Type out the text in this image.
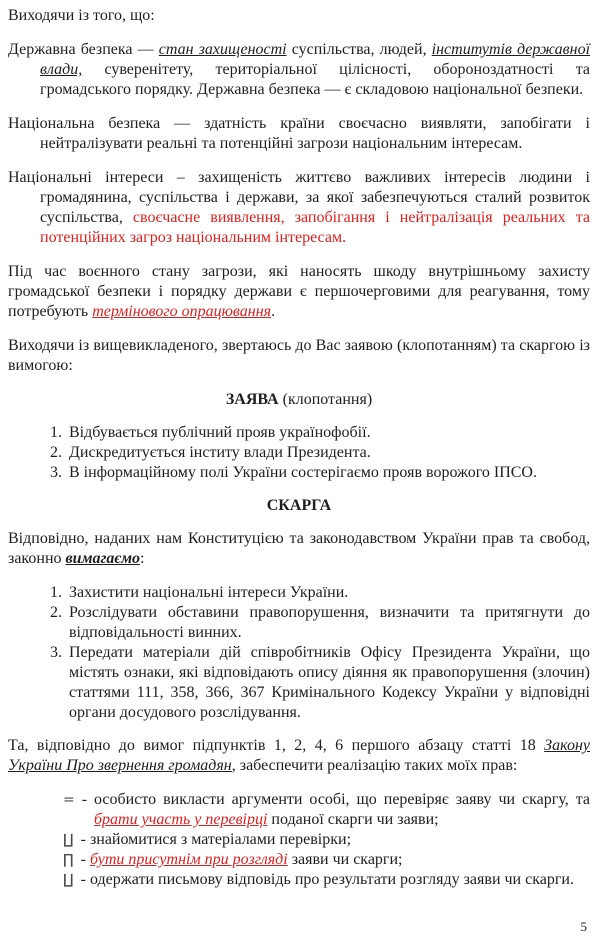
Виходячи із того, що:

Державна безпека — стан захищеності суспільства, людей, інститутів державної влади, суверенітету, територіальної цілісності, обороноздатності та громадського порядку. Державна безпека — є складовою національної безпеки.

Національна безпека — здатність країни своєчасно виявляти, запобігати і нейтралізувати реальні та потенційні загрози національним інтересам.

Національні інтереси – захищеність життєво важливих інтересів людини і громадянина, суспільства і держави, за якої забезпечуються сталий розвиток суспільства, своєчасне виявлення, запобігання і нейтралізація реальних та потенційних загроз національним інтересам.

Під час воєнного стану загрози, які наносять шкоду внутрішньому захисту громадської безпеки і порядку держави є першочерговими для реагування, тому потребують термінового опрацювання.

Виходячи із вищевикладеного, звертаюсь до Вас заявою (клопотанням) та скаргою із вимогою:

ЗАЯВА (клопотання)

1. Відбувається публічний прояв українофобії.
2. Дискредитується інститу влади Президента.
3. В інформаційному полі України состерігаємо прояв ворожого ІПСО.

СКАРГА

Відповідно, наданих нам Конституцією та законодавством України прав та свобод, законно вимагаємо:

1. Захистити національні інтереси України.
2. Розслідувати обставини правопорушення, визначити та притягнути до відповідальності винних.
3. Передати матеріали дій співробітників Офісу Президента України, що містять ознаки, які відповідають опису діяння як правопорушення (злочин) статтями 111, 358, 366, 367 Кримінального Кодексу України у відповідні органи досудового розслідування.

Та, відповідно до вимог підпунктів 1, 2, 4, 6 першого абзацу статті 18 Закону України Про звернення громадян, забеспечити реалізацію таких моїх прав:

= - особисто викласти аргументи особі, що перевіряє заяву чи скаргу, та брати участь у перевірці поданої скарги чи заяви;
∐ - знайомитися з матеріалами перевірки;
∏ - бути присутнім при розгляді заяви чи скарги;
∐ - одержати письмову відповідь про результати розгляду заяви чи скарги.
5
